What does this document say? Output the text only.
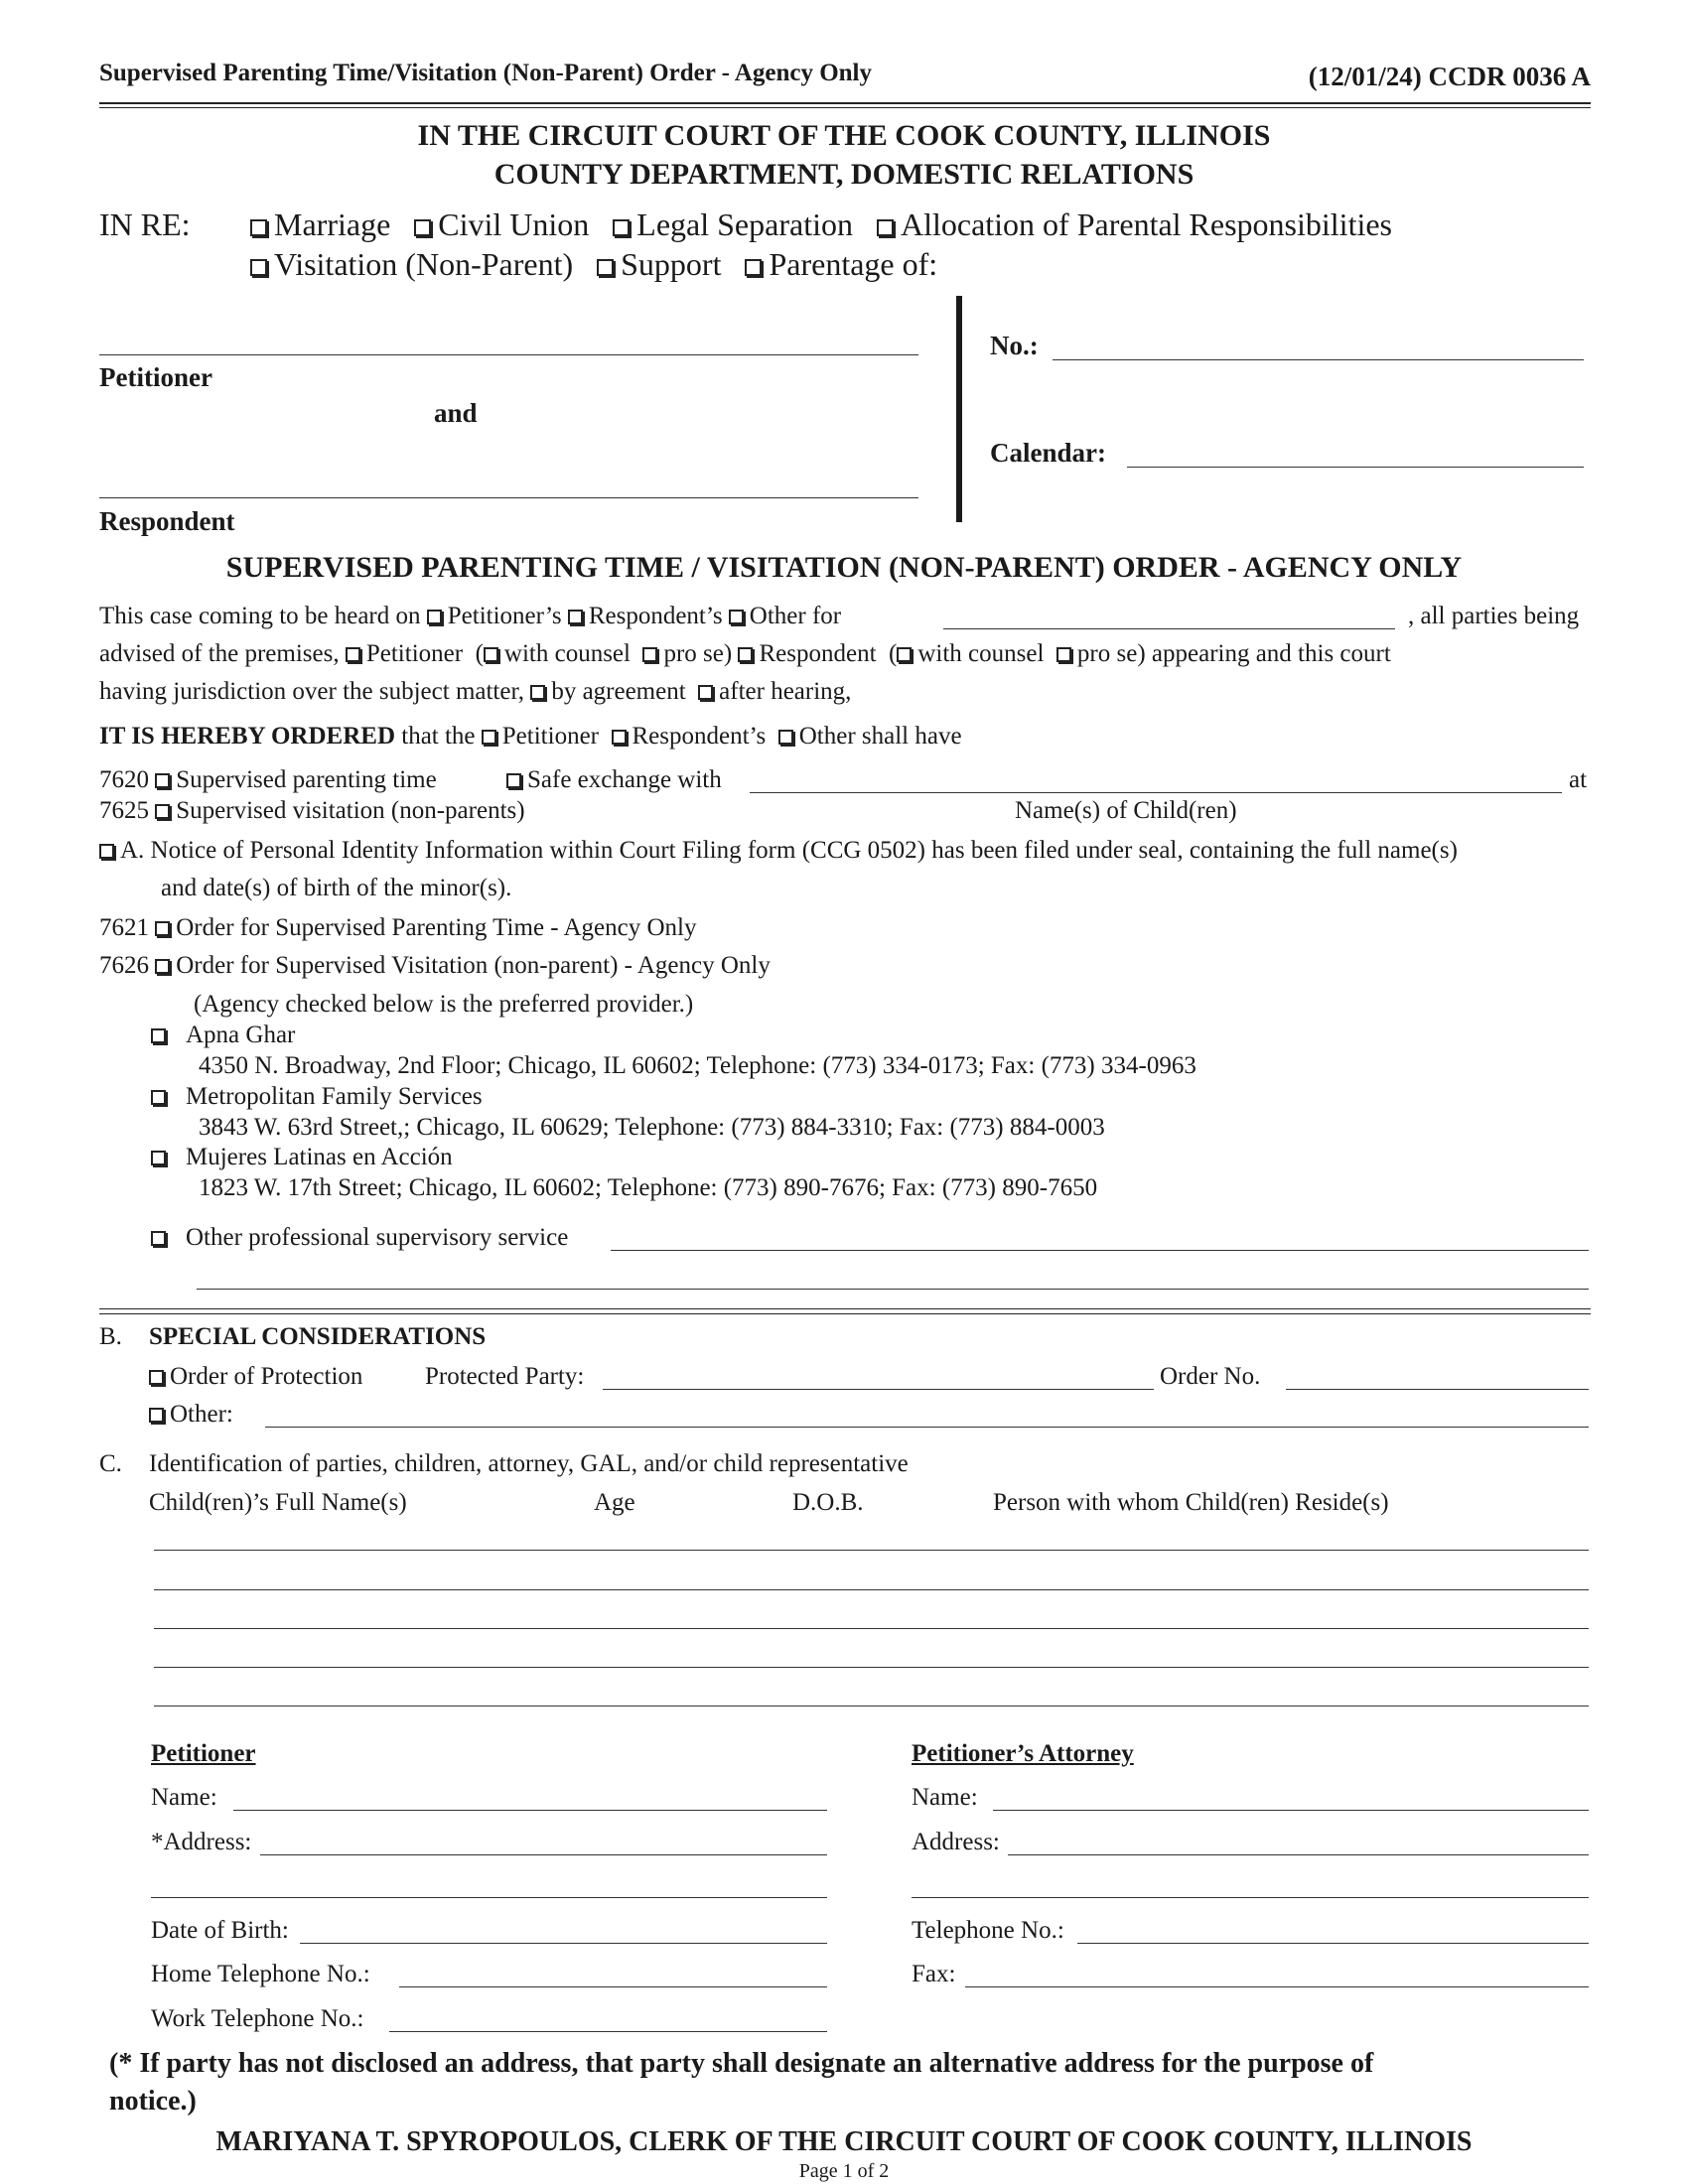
Supervised Parenting Time/Visitation (Non-Parent) Order - Agency Only	(12/01/24) CCDR 0036 A
IN THE CIRCUIT COURT OF THE COOK COUNTY, ILLINOIS
COUNTY DEPARTMENT, DOMESTIC RELATIONS
IN RE:	Marriage Civil Union Legal Separation Allocation of Parental Responsibilities
Visitation (Non-Parent) Support Parentage of:
Petitioner
and
Respondent
No.:
Calendar:
SUPERVISED PARENTING TIME / VISITATION (NON-PARENT) ORDER - AGENCY ONLY
This case coming to be heard on Petitioner’s Respondent’s Other for	, all parties being
advised of the premises, Petitioner  ( with counsel pro se) Respondent  ( with counsel pro se) appearing and this court
having jurisdiction over the subject matter, by agreement after hearing,
IT IS HEREBY ORDERED that the Petitioner Respondent’s Other shall have
7620 Supervised parenting time	Safe exchange with	at
7625 Supervised visitation (non-parents)	Name(s) of Child(ren)
A. Notice of Personal Identity Information within Court Filing form (CCG 0502) has been filed under seal, containing the full name(s)
and date(s) of birth of the minor(s).
7621 Order for Supervised Parenting Time - Agency Only
7626 Order for Supervised Visitation (non-parent) - Agency Only
(Agency checked below is the preferred provider.)
Apna Ghar
4350 N. Broadway, 2nd Floor; Chicago, IL 60602; Telephone: (773) 334-0173; Fax: (773) 334-0963
Metropolitan Family Services
3843 W. 63rd Street,; Chicago, IL 60629; Telephone: (773) 884-3310; Fax: (773) 884-0003
Mujeres Latinas en Acción
1823 W. 17th Street; Chicago, IL 60602; Telephone: (773) 890-7676; Fax: (773) 890-7650
Other professional supervisory service
B. SPECIAL CONSIDERATIONS
Order of Protection	Protected Party:	Order No.
Other:
C. Identification of parties, children, attorney, GAL, and/or child representative
Child(ren)’s Full Name(s)	Age	D.O.B.	Person with whom Child(ren) Reside(s)
Petitioner
Name:
*Address:
Date of Birth:
Home Telephone No.:
Work Telephone No.:
Petitioner’s Attorney
Name:
Address:
Telephone No.:
Fax:
(* If party has not disclosed an address, that party shall designate an alternative address for the purpose of
notice.)
MARIYANA T. SPYROPOULOS, CLERK OF THE CIRCUIT COURT OF COOK COUNTY, ILLINOIS
Page 1 of 2
